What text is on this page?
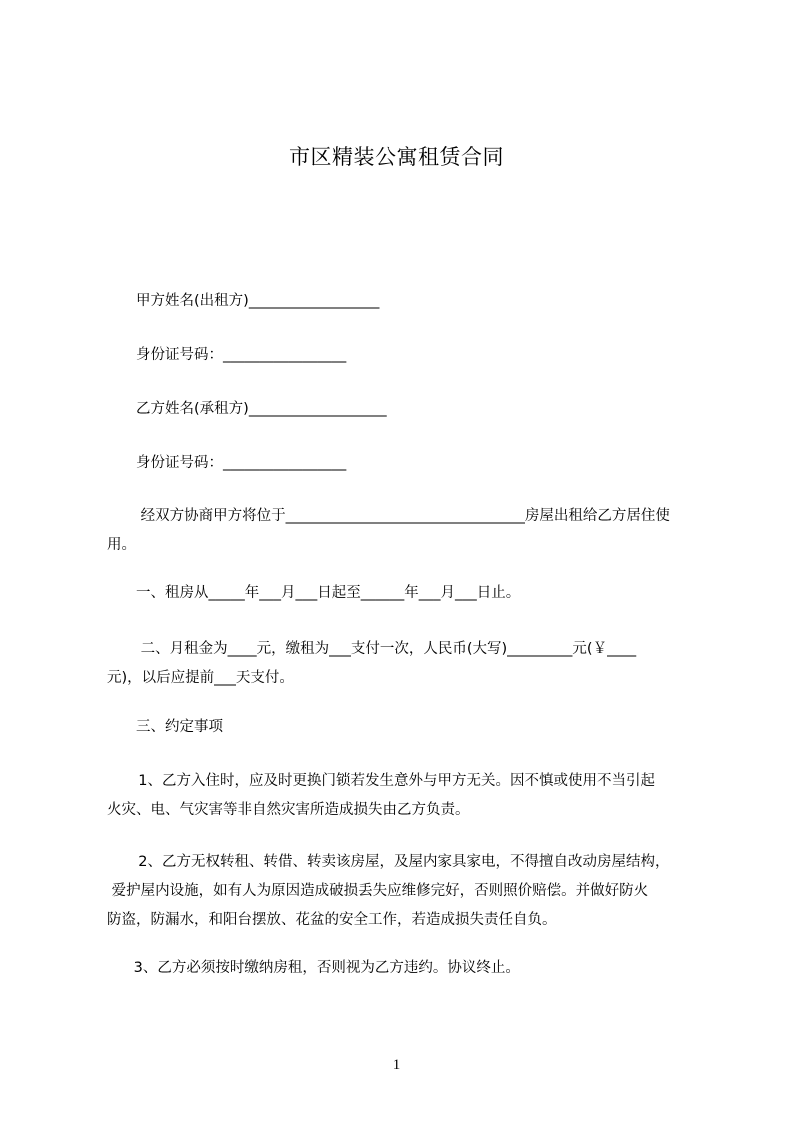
市区精装公寓租赁合同
甲方姓名(出租方)__________________
身份证号码：_________________
乙方姓名(承租方)___________________
身份证号码：_________________
经双方协商甲方将位于_________________________________房屋出租给乙方居住使
用。
一、租房从_____年___月___日起至______年___月___日止。
二、月租金为____元，缴租为___支付一次，人民币(大写)_________元(￥____
元)，以后应提前___天支付。
三、约定事项
1、乙方入住时，应及时更换门锁若发生意外与甲方无关。因不慎或使用不当引起
火灾、电、气灾害等非自然灾害所造成损失由乙方负责。
2、乙方无权转租、转借、转卖该房屋，及屋内家具家电，不得擅自改动房屋结构，
爱护屋内设施，如有人为原因造成破损丢失应维修完好，否则照价赔偿。并做好防火
防盗，防漏水，和阳台摆放、花盆的安全工作，若造成损失责任自负。
3、乙方必须按时缴纳房租，否则视为乙方违约。协议终止。
1
